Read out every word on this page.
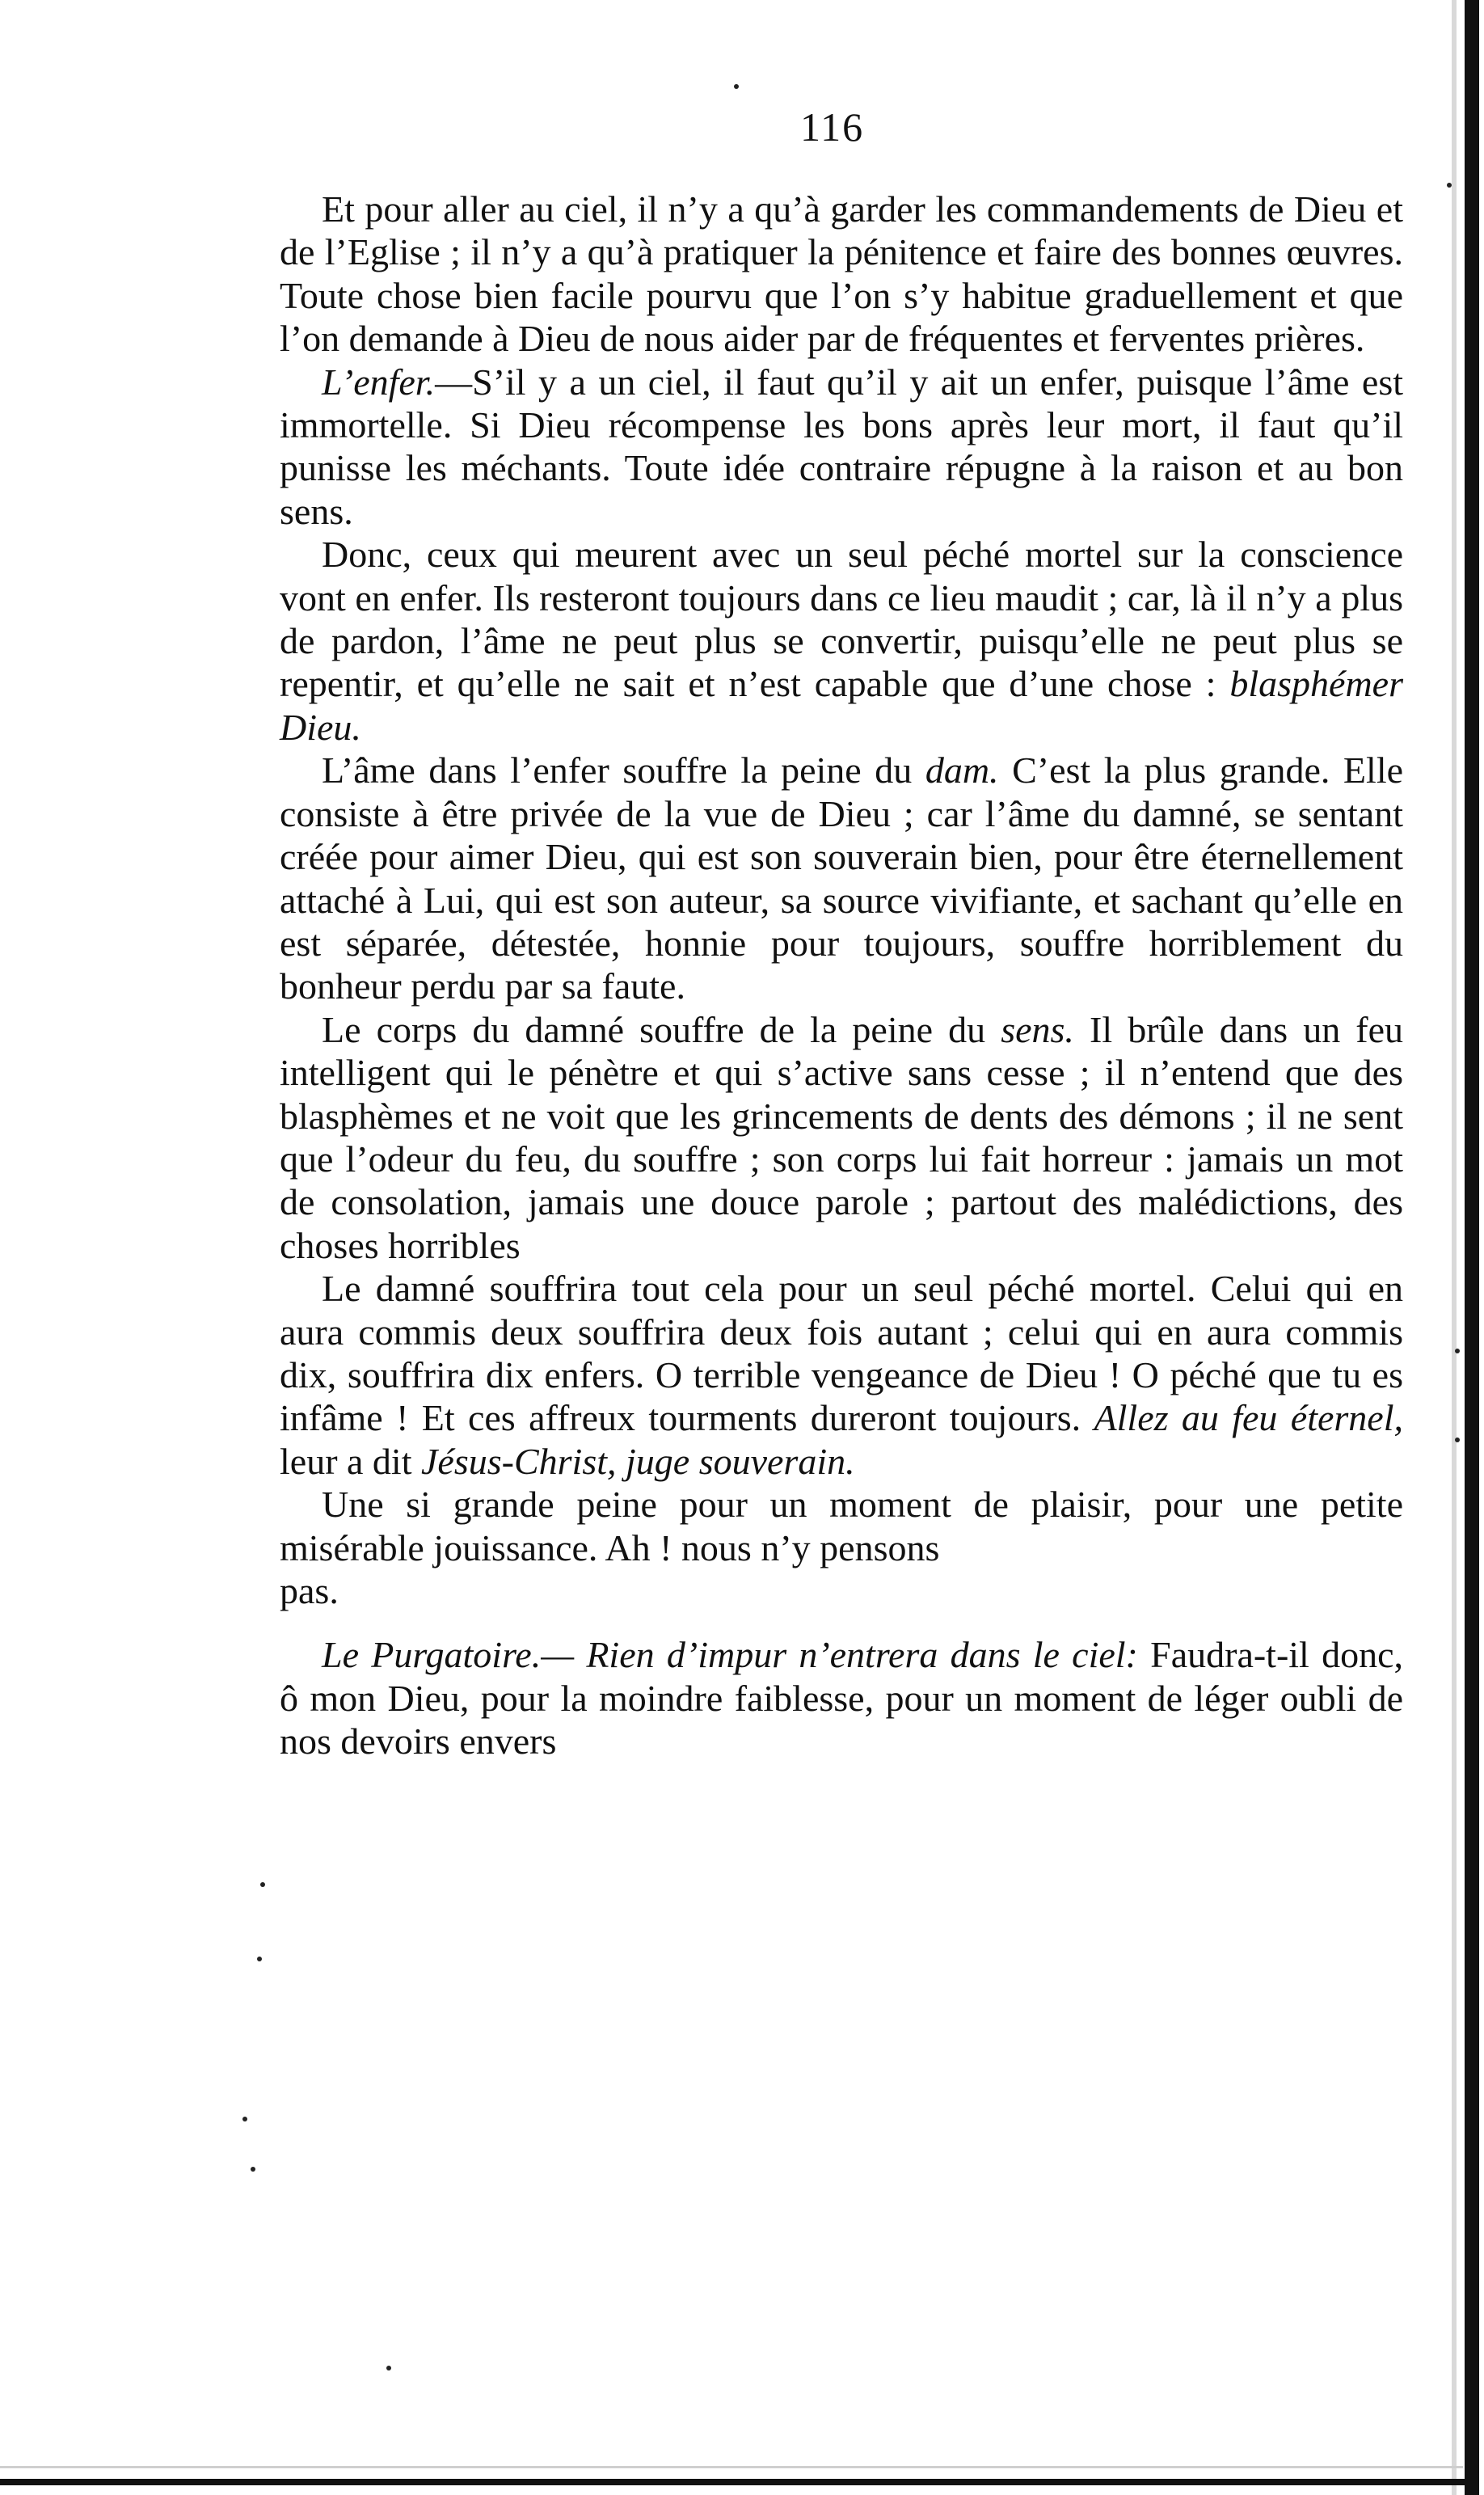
116

Et pour aller au ciel, il n’y a qu’à garder les commandements de Dieu et de l’Eglise ; il n’y a qu’à pratiquer la pénitence et faire des bonnes œuvres. Toute chose bien facile pourvu que l’on s’y habitue graduellement et que l’on demande à Dieu de nous aider par de fréquentes et ferventes prières.

L’enfer.—S’il y a un ciel, il faut qu’il y ait un enfer, puisque l’âme est immortelle. Si Dieu récompense les bons après leur mort, il faut qu’il punisse les méchants. Toute idée contraire répugne à la raison et au bon sens.

Donc, ceux qui meurent avec un seul péché mortel sur la conscience vont en enfer. Ils resteront toujours dans ce lieu maudit ; car, là il n’y a plus de pardon, l’âme ne peut plus se convertir, puisqu’elle ne peut plus se repentir, et qu’elle ne sait et n’est capable que d’une chose : blasphémer Dieu.

L’âme dans l’enfer souffre la peine du dam. C’est la plus grande. Elle consiste à être privée de la vue de Dieu ; car l’âme du damné, se sentant créée pour aimer Dieu, qui est son souverain bien, pour être éternellement attaché à Lui, qui est son auteur, sa source vivifiante, et sachant qu’elle en est séparée, détestée, honnie pour toujours, souffre horriblement du bonheur perdu par sa faute.

Le corps du damné souffre de la peine du sens. Il brûle dans un feu intelligent qui le pénètre et qui s’active sans cesse ; il n’entend que des blasphèmes et ne voit que les grincements de dents des démons ; il ne sent que l’odeur du feu, du souffre ; son corps lui fait horreur : jamais un mot de consolation, jamais une douce parole ; partout des malédictions, des choses horribles

Le damné souffrira tout cela pour un seul péché mortel. Celui qui en aura commis deux souffrira deux fois autant ; celui qui en aura commis dix, souffrira dix enfers. O terrible vengeance de Dieu ! O péché que tu es infâme ! Et ces affreux tourments dureront toujours. Allez au feu éternel, leur a dit Jésus-Christ, juge souverain.

Une si grande peine pour un moment de plaisir, pour une petite misérable jouissance. Ah ! nous n’y pensons

pas.

Le Purgatoire.— Rien d’impur n’entrera dans le ciel: Faudra-t-il donc, ô mon Dieu, pour la moindre faiblesse, pour un moment de léger oubli de nos devoirs envers
